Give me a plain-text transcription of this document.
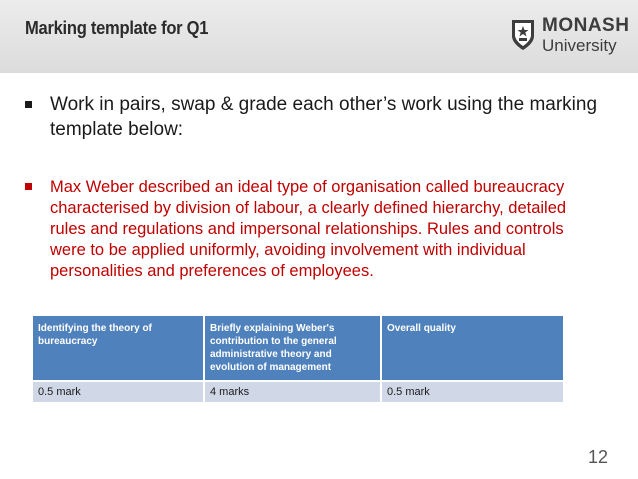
Marking template for Q1	MONASH
University
Work in pairs, swap & grade each other’s work using the marking template below:
Max Weber described an ideal type of organisation called bureaucracy characterised by division of labour, a clearly defined hierarchy, detailed rules and regulations and impersonal relationships. Rules and controls were to be applied uniformly, avoiding involvement with individual personalities and preferences of employees.
Identifying the theory of bureaucracy	Briefly explaining Weber's contribution to the general administrative theory and evolution of management	Overall quality
0.5 mark	4 marks	0.5 mark
12
